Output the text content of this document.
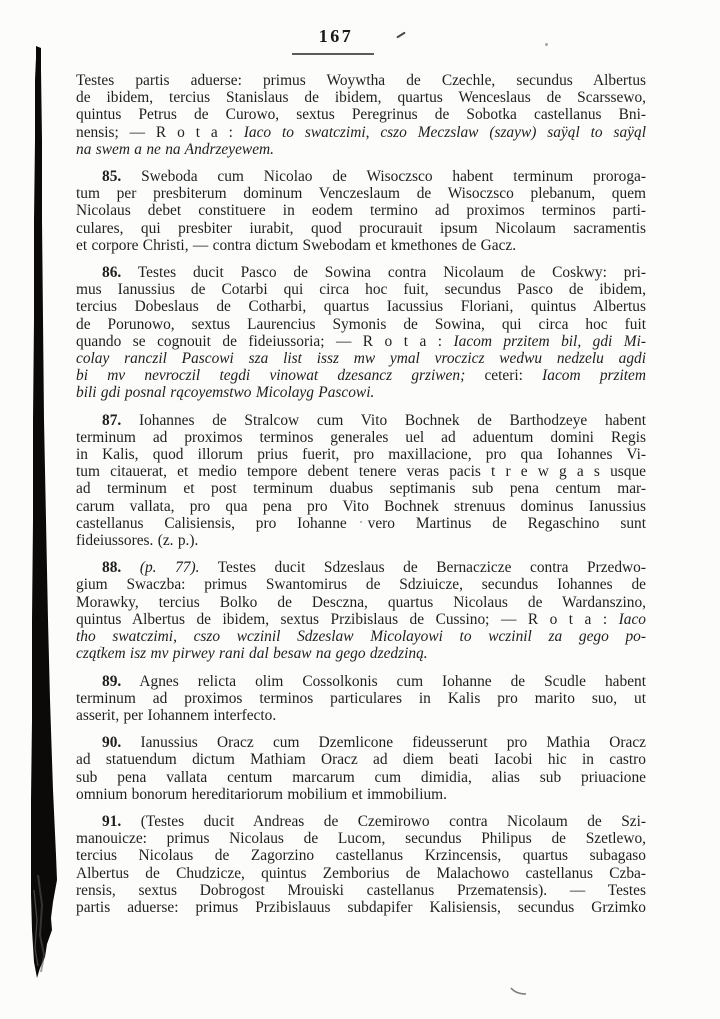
167
Testes partis aduerse: primus Woywtha de Czechle, secundus Albertus
de ibidem, tercius Stanislaus de ibidem, quartus Wenceslaus de Scarssewo,
quintus Petrus de Curowo, sextus Peregrinus de Sobotka castellanus Bni-
nensis; — R o t a : Iaco to swatczimi, cszo Meczslaw (szayw) saÿąl to saÿąl
na swem a ne na Andrzeyewem.
85. Sweboda cum Nicolao de Wisoczsco habent terminum proroga-
tum per presbiterum dominum Venczeslaum de Wisoczsco plebanum, quem
Nicolaus debet constituere in eodem termino ad proximos terminos parti-
culares, qui presbiter iurabit, quod procurauit ipsum Nicolaum sacramentis
et corpore Christi, — contra dictum Swebodam et kmethones de Gacz.
86. Testes ducit Pasco de Sowina contra Nicolaum de Coskwy: pri-
mus Ianussius de Cotarbi qui circa hoc fuit, secundus Pasco de ibidem,
tercius Dobeslaus de Cotharbi, quartus Iacussius Floriani, quintus Albertus
de Porunowo, sextus Laurencius Symonis de Sowina, qui circa hoc fuit
quando se cognouit de fideiussoria; — R o t a : Iacom przitem bil, gdi Mi-
colay ranczil Pascowi sza list issz mw ymal vroczicz wedwu nedzelu agdi
bi mv nevroczil tegdi vinowat dzesancz grziwen; ceteri: Iacom przitem
bili gdi posnal rącoyemstwo Micolayg Pascowi.
87. Iohannes de Stralcow cum Vito Bochnek de Barthodzeye habent
terminum ad proximos terminos generales uel ad aduentum domini Regis
in Kalis, quod illorum prius fuerit, pro maxillacione, pro qua Iohannes Vi-
tum citauerat, et medio tempore debent tenere veras pacis t r e w g a s usque
ad terminum et post terminum duabus septimanis sub pena centum mar-
carum vallata, pro qua pena pro Vito Bochnek strenuus dominus Ianussius
castellanus Calisiensis, pro Iohanne vero Martinus de Regaschino sunt
fideiussores. (z. p.).
88. (p. 77). Testes ducit Sdzeslaus de Bernaczicze contra Przedwo-
gium Swaczba: primus Swantomirus de Sdziuicze, secundus Iohannes de
Morawky, tercius Bolko de Desczna, quartus Nicolaus de Wardanszino,
quintus Albertus de ibidem, sextus Przibislaus de Cussino; — R o t a : Iaco
tho swatczimi, cszo wczinil Sdzeslaw Micolayowi to wczinil za gego po-
czątkem isz mv pirwey rani dal besaw na gego dzedziną.
89. Agnes relicta olim Cossolkonis cum Iohanne de Scudle habent
terminum ad proximos terminos particulares in Kalis pro marito suo, ut
asserit, per Iohannem interfecto.
90. Ianussius Oracz cum Dzemlicone fideusserunt pro Mathia Oracz
ad statuendum dictum Mathiam Oracz ad diem beati Iacobi hic in castro
sub pena vallata centum marcarum cum dimidia, alias sub priuacione
omnium bonorum hereditariorum mobilium et immobilium.
91. (Testes ducit Andreas de Czemirowo contra Nicolaum de Szi-
manouicze: primus Nicolaus de Lucom, secundus Philipus de Szetlewo,
tercius Nicolaus de Zagorzino castellanus Krzincensis, quartus subagaso
Albertus de Chudzicze, quintus Zemborius de Malachowo castellanus Czba-
rensis, sextus Dobrogost Mrouiski castellanus Przematensis). — Testes
partis aduerse: primus Przibislauus subdapifer Kalisiensis, secundus Grzimko
